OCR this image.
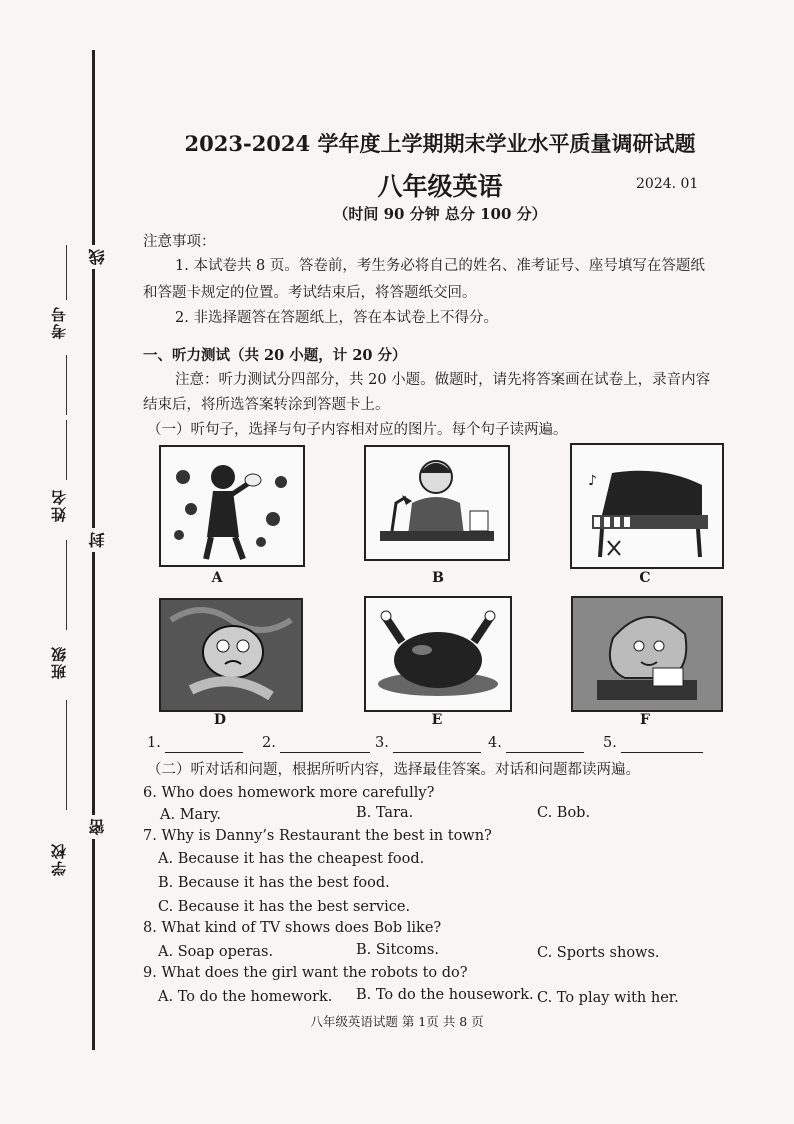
考号
姓名
班级
学校
线
封
密
2023-2024 学年度上学期期末学业水平质量调研试题
八年级英语	2024. 01
（时间 90 分钟 总分 100 分）
注意事项：
1. 本试卷共 8 页。答卷前，考生务必将自己的姓名、准考证号、座号填写在答题纸
和答题卡规定的位置。考试结束后，将答题纸交回。
2. 非选择题答在答题纸上，答在本试卷上不得分。
一、听力测试（共 20 小题，计 20 分）
注意：听力测试分四部分，共 20 小题。做题时，请先将答案画在试卷上，录音内容
结束后，将所选答案转涂到答题卡上。
（一）听句子，选择与句子内容相对应的图片。每个句子读两遍。
A	B
♪
C
D	E	F
1.	2.	3.	4.	5.
（二）听对话和问题，根据所听内容，选择最佳答案。对话和问题都读两遍。
6. Who does homework more carefully?
A. Mary.	B. Tara.	C. Bob.
7. Why is Danny’s Restaurant the best in town?
A. Because it has the cheapest food.
B. Because it has the best food.
C. Because it has the best service.
8. What kind of TV shows does Bob like?
A. Soap operas.	B. Sitcoms.	C. Sports shows.
9. What does the girl want the robots to do?
A. To do the homework. B. To do the housework. C. To play with her.
八年级英语试题 第 1页 共 8 页
